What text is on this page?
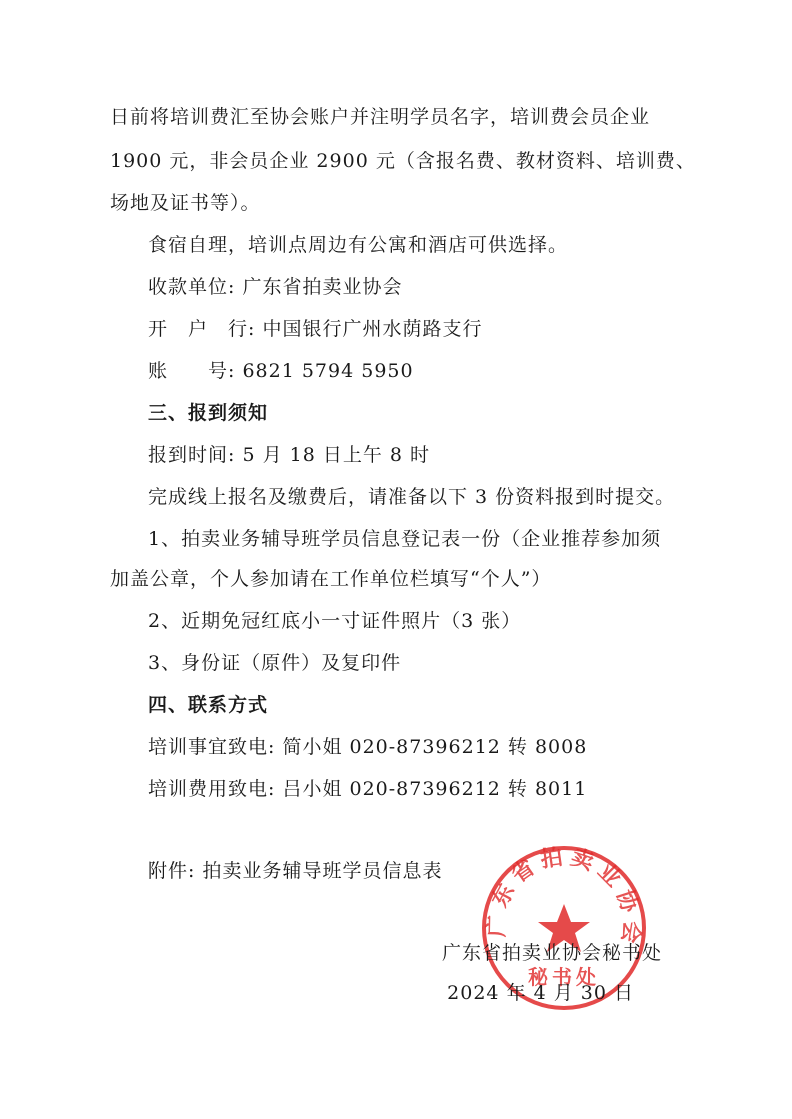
日前将培训费汇至协会账户并注明学员名字，培训费会员企业
1900 元，非会员企业 2900 元（含报名费、教材资料、培训费、
场地及证书等）。
食宿自理，培训点周边有公寓和酒店可供选择。
收款单位: 广东省拍卖业协会
开　户　行: 中国银行广州水荫路支行
账　　号: 6821 5794 5950
三、报到须知
报到时间: 5 月 18 日上午 8 时
完成线上报名及缴费后，请准备以下 3 份资料报到时提交。
1、拍卖业务辅导班学员信息登记表一份（企业推荐参加须
加盖公章，个人参加请在工作单位栏填写“个人”）
2、近期免冠红底小一寸证件照片（3 张）
3、身份证（原件）及复印件
四、联系方式
培训事宜致电: 简小姐 020-87396212 转 8008
培训费用致电: 吕小姐 020-87396212 转 8011
附件: 拍卖业务辅导班学员信息表
广东省拍卖业协会
秘书处
广东省拍卖业协会秘书处
2024 年 4 月 30 日
